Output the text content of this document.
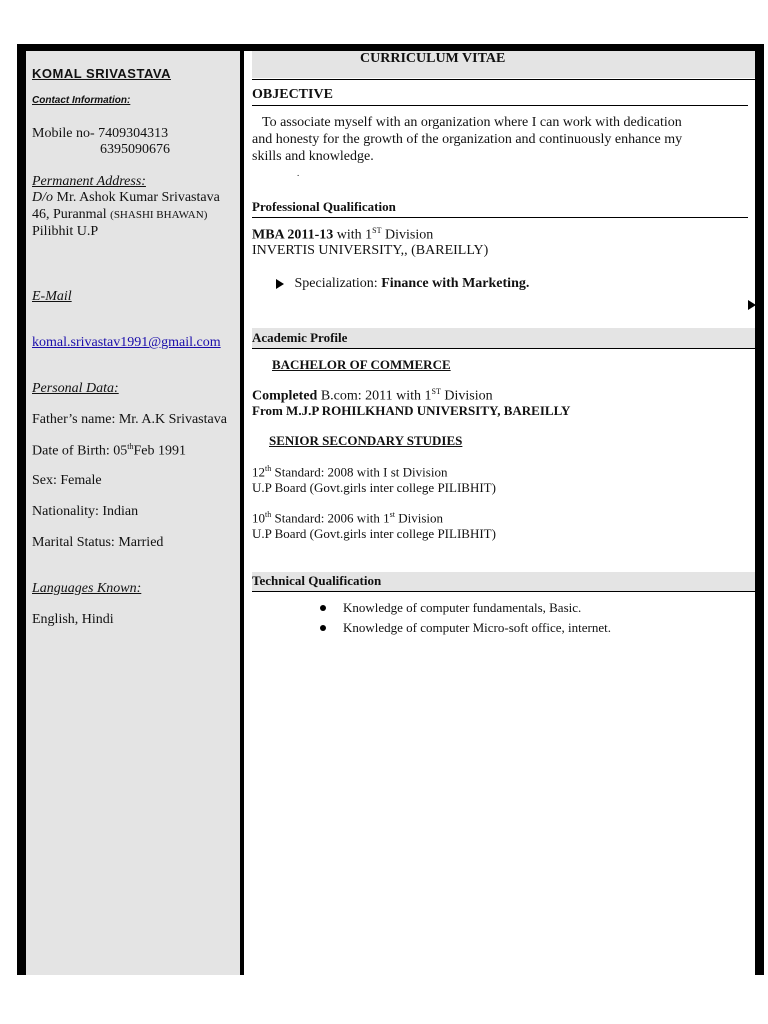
KOMAL SRIVASTAVA
Contact Information:
Mobile no- 7409304313
6395090676
Permanent Address:
D/o Mr. Ashok Kumar Srivastava
46, Puranmal (SHASHI BHAWAN)
Pilibhit U.P
E-Mail
komal.srivastav1991@gmail.com
Personal Data:
Father’s name: Mr. A.K Srivastava
Date of Birth: 05thFeb 1991
Sex: Female
Nationality: Indian
Marital Status: Married
Languages Known:
English, Hindi
CURRICULUM VITAE
OBJECTIVE
To associate myself with an organization where I can work with dedication
and honesty for the growth of the organization and continuously enhance my
skills and knowledge.
.
Professional Qualification
MBA 2011-13 with 1ST Division
INVERTIS UNIVERSITY,, (BAREILLY)
Specialization: Finance with Marketing.
Academic Profile
BACHELOR OF COMMERCE
Completed B.com: 2011 with 1ST Division
From M.J.P ROHILKHAND UNIVERSITY, BAREILLY
SENIOR SECONDARY STUDIES
12th Standard: 2008 with I st Division
U.P Board (Govt.girls inter college PILIBHIT)
10th Standard: 2006 with 1st Division
U.P Board (Govt.girls inter college PILIBHIT)
Technical Qualification
Knowledge of computer fundamentals, Basic.
Knowledge of computer Micro-soft office, internet.
